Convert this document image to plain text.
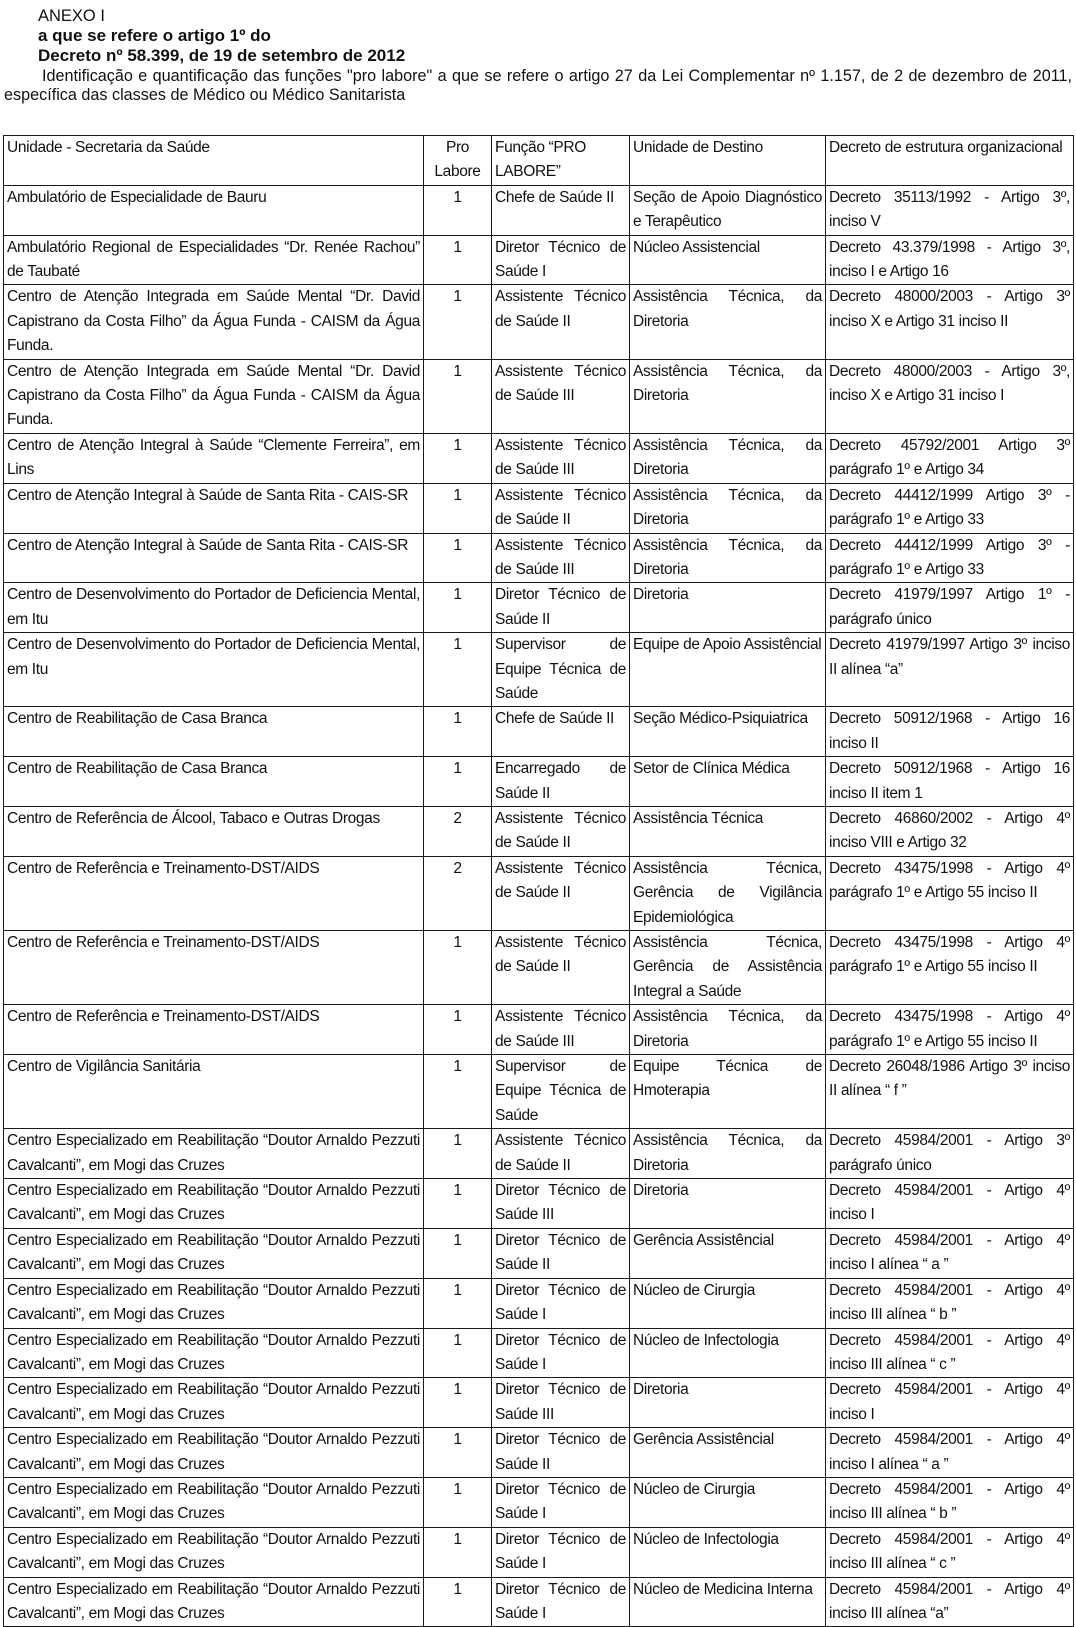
ANEXO I
a que se refere o artigo 1º do
Decreto nº 58.399, de 19 de setembro de 2012
Identificação e quantificação das funções "pro labore" a que se refere o artigo 27 da Lei Complementar nº 1.157, de 2 de dezembro de 2011, específica das classes de Médico ou Médico Sanitarista
Unidade - Secretaria da Saúde	Pro Labore	Função “PRO LABORE”	Unidade de Destino	Decreto de estrutura organizacional
Ambulatório de Especialidade de Bauru	1	Chefe de Saúde II	Seção de Apoio Diagnóstico e Terapêutico	Decreto 35113/1992 - Artigo 3º, inciso V
Ambulatório Regional de Especialidades “Dr. Renée Rachou” de Taubaté	1	Diretor Técnico de Saúde I	Núcleo Assistencial	Decreto 43.379/1998 - Artigo 3º, inciso I e Artigo 16
Centro de Atenção Integrada em Saúde Mental “Dr. David Capistrano da Costa Filho” da Água Funda - CAISM da Água Funda.	1	Assistente Técnico de Saúde II	Assistência Técnica, da Diretoria	Decreto 48000/2003 - Artigo 3º inciso X e Artigo 31 inciso II
Centro de Atenção Integrada em Saúde Mental “Dr. David Capistrano da Costa Filho” da Água Funda - CAISM da Água Funda.	1	Assistente Técnico de Saúde III	Assistência Técnica, da Diretoria	Decreto 48000/2003 - Artigo 3º, inciso X e Artigo 31 inciso I
Centro de Atenção Integral à Saúde “Clemente Ferreira”, em Lins	1	Assistente Técnico de Saúde III	Assistência Técnica, da Diretoria	Decreto 45792/2001 Artigo 3º parágrafo 1º e Artigo 34
Centro de Atenção Integral à Saúde de Santa Rita - CAIS-SR	1	Assistente Técnico de Saúde II	Assistência Técnica, da Diretoria	Decreto 44412/1999 Artigo 3º - parágrafo 1º e Artigo 33
Centro de Atenção Integral à Saúde de Santa Rita - CAIS-SR	1	Assistente Técnico de Saúde III	Assistência Técnica, da Diretoria	Decreto 44412/1999 Artigo 3º - parágrafo 1º e Artigo 33
Centro de Desenvolvimento do Portador de Deficiencia Mental, em Itu	1	Diretor Técnico de Saúde II	Diretoria	Decreto 41979/1997 Artigo 1º - parágrafo único
Centro de Desenvolvimento do Portador de Deficiencia Mental, em Itu	1	Supervisor de Equipe Técnica de Saúde	Equipe de Apoio Assistêncial	Decreto 41979/1997 Artigo 3º inciso II alínea “a”
Centro de Reabilitação de Casa Branca	1	Chefe de Saúde II	Seção Médico-Psiquiatrica	Decreto 50912/1968 - Artigo 16 inciso II
Centro de Reabilitação de Casa Branca	1	Encarregado de Saúde II	Setor de Clínica Médica	Decreto 50912/1968 - Artigo 16 inciso II item 1
Centro de Referência de Álcool, Tabaco e Outras Drogas	2	Assistente Técnico de Saúde II	Assistência Técnica	Decreto 46860/2002 - Artigo 4º inciso VIII e Artigo 32
Centro de Referência e Treinamento-DST/AIDS	2	Assistente Técnico de Saúde II	Assistência Técnica, Gerência de Vigilância Epidemiológica	Decreto 43475/1998 - Artigo 4º parágrafo 1º e Artigo 55 inciso II
Centro de Referência e Treinamento-DST/AIDS	1	Assistente Técnico de Saúde II	Assistência Técnica, Gerência de Assistência Integral a Saúde	Decreto 43475/1998 - Artigo 4º parágrafo 1º e Artigo 55 inciso II
Centro de Referência e Treinamento-DST/AIDS	1	Assistente Técnico de Saúde III	Assistência Técnica, da Diretoria	Decreto 43475/1998 - Artigo 4º parágrafo 1º e Artigo 55 inciso II
Centro de Vigilância Sanitária	1	Supervisor de Equipe Técnica de Saúde	Equipe Técnica de Hmoterapia	Decreto 26048/1986 Artigo 3º inciso II alínea “ f ”
Centro Especializado em Reabilitação “Doutor Arnaldo Pezzuti Cavalcanti”, em Mogi das Cruzes	1	Assistente Técnico de Saúde II	Assistência Técnica, da Diretoria	Decreto 45984/2001 - Artigo 3º parágrafo único
Centro Especializado em Reabilitação “Doutor Arnaldo Pezzuti Cavalcanti”, em Mogi das Cruzes	1	Diretor Técnico de Saúde III	Diretoria	Decreto 45984/2001 - Artigo 4º inciso I
Centro Especializado em Reabilitação “Doutor Arnaldo Pezzuti Cavalcanti”, em Mogi das Cruzes	1	Diretor Técnico de Saúde II	Gerência Assistêncial	Decreto 45984/2001 - Artigo 4º inciso I alínea “ a ”
Centro Especializado em Reabilitação “Doutor Arnaldo Pezzuti Cavalcanti”, em Mogi das Cruzes	1	Diretor Técnico de Saúde I	Núcleo de Cirurgia	Decreto 45984/2001 - Artigo 4º inciso III alínea “ b ”
Centro Especializado em Reabilitação “Doutor Arnaldo Pezzuti Cavalcanti”, em Mogi das Cruzes	1	Diretor Técnico de Saúde I	Núcleo de Infectologia	Decreto 45984/2001 - Artigo 4º inciso III alínea “ c ”
Centro Especializado em Reabilitação “Doutor Arnaldo Pezzuti Cavalcanti”, em Mogi das Cruzes	1	Diretor Técnico de Saúde III	Diretoria	Decreto 45984/2001 - Artigo 4º inciso I
Centro Especializado em Reabilitação “Doutor Arnaldo Pezzuti Cavalcanti”, em Mogi das Cruzes	1	Diretor Técnico de Saúde II	Gerência Assistêncial	Decreto 45984/2001 - Artigo 4º inciso I alínea “ a ”
Centro Especializado em Reabilitação “Doutor Arnaldo Pezzuti Cavalcanti”, em Mogi das Cruzes	1	Diretor Técnico de Saúde I	Núcleo de Cirurgia	Decreto 45984/2001 - Artigo 4º inciso III alínea “ b ”
Centro Especializado em Reabilitação “Doutor Arnaldo Pezzuti Cavalcanti”, em Mogi das Cruzes	1	Diretor Técnico de Saúde I	Núcleo de Infectologia	Decreto 45984/2001 - Artigo 4º inciso III alínea “ c ”
Centro Especializado em Reabilitação “Doutor Arnaldo Pezzuti Cavalcanti”, em Mogi das Cruzes	1	Diretor Técnico de Saúde I	Núcleo de Medicina Interna	Decreto 45984/2001 - Artigo 4º inciso III alínea “a”
